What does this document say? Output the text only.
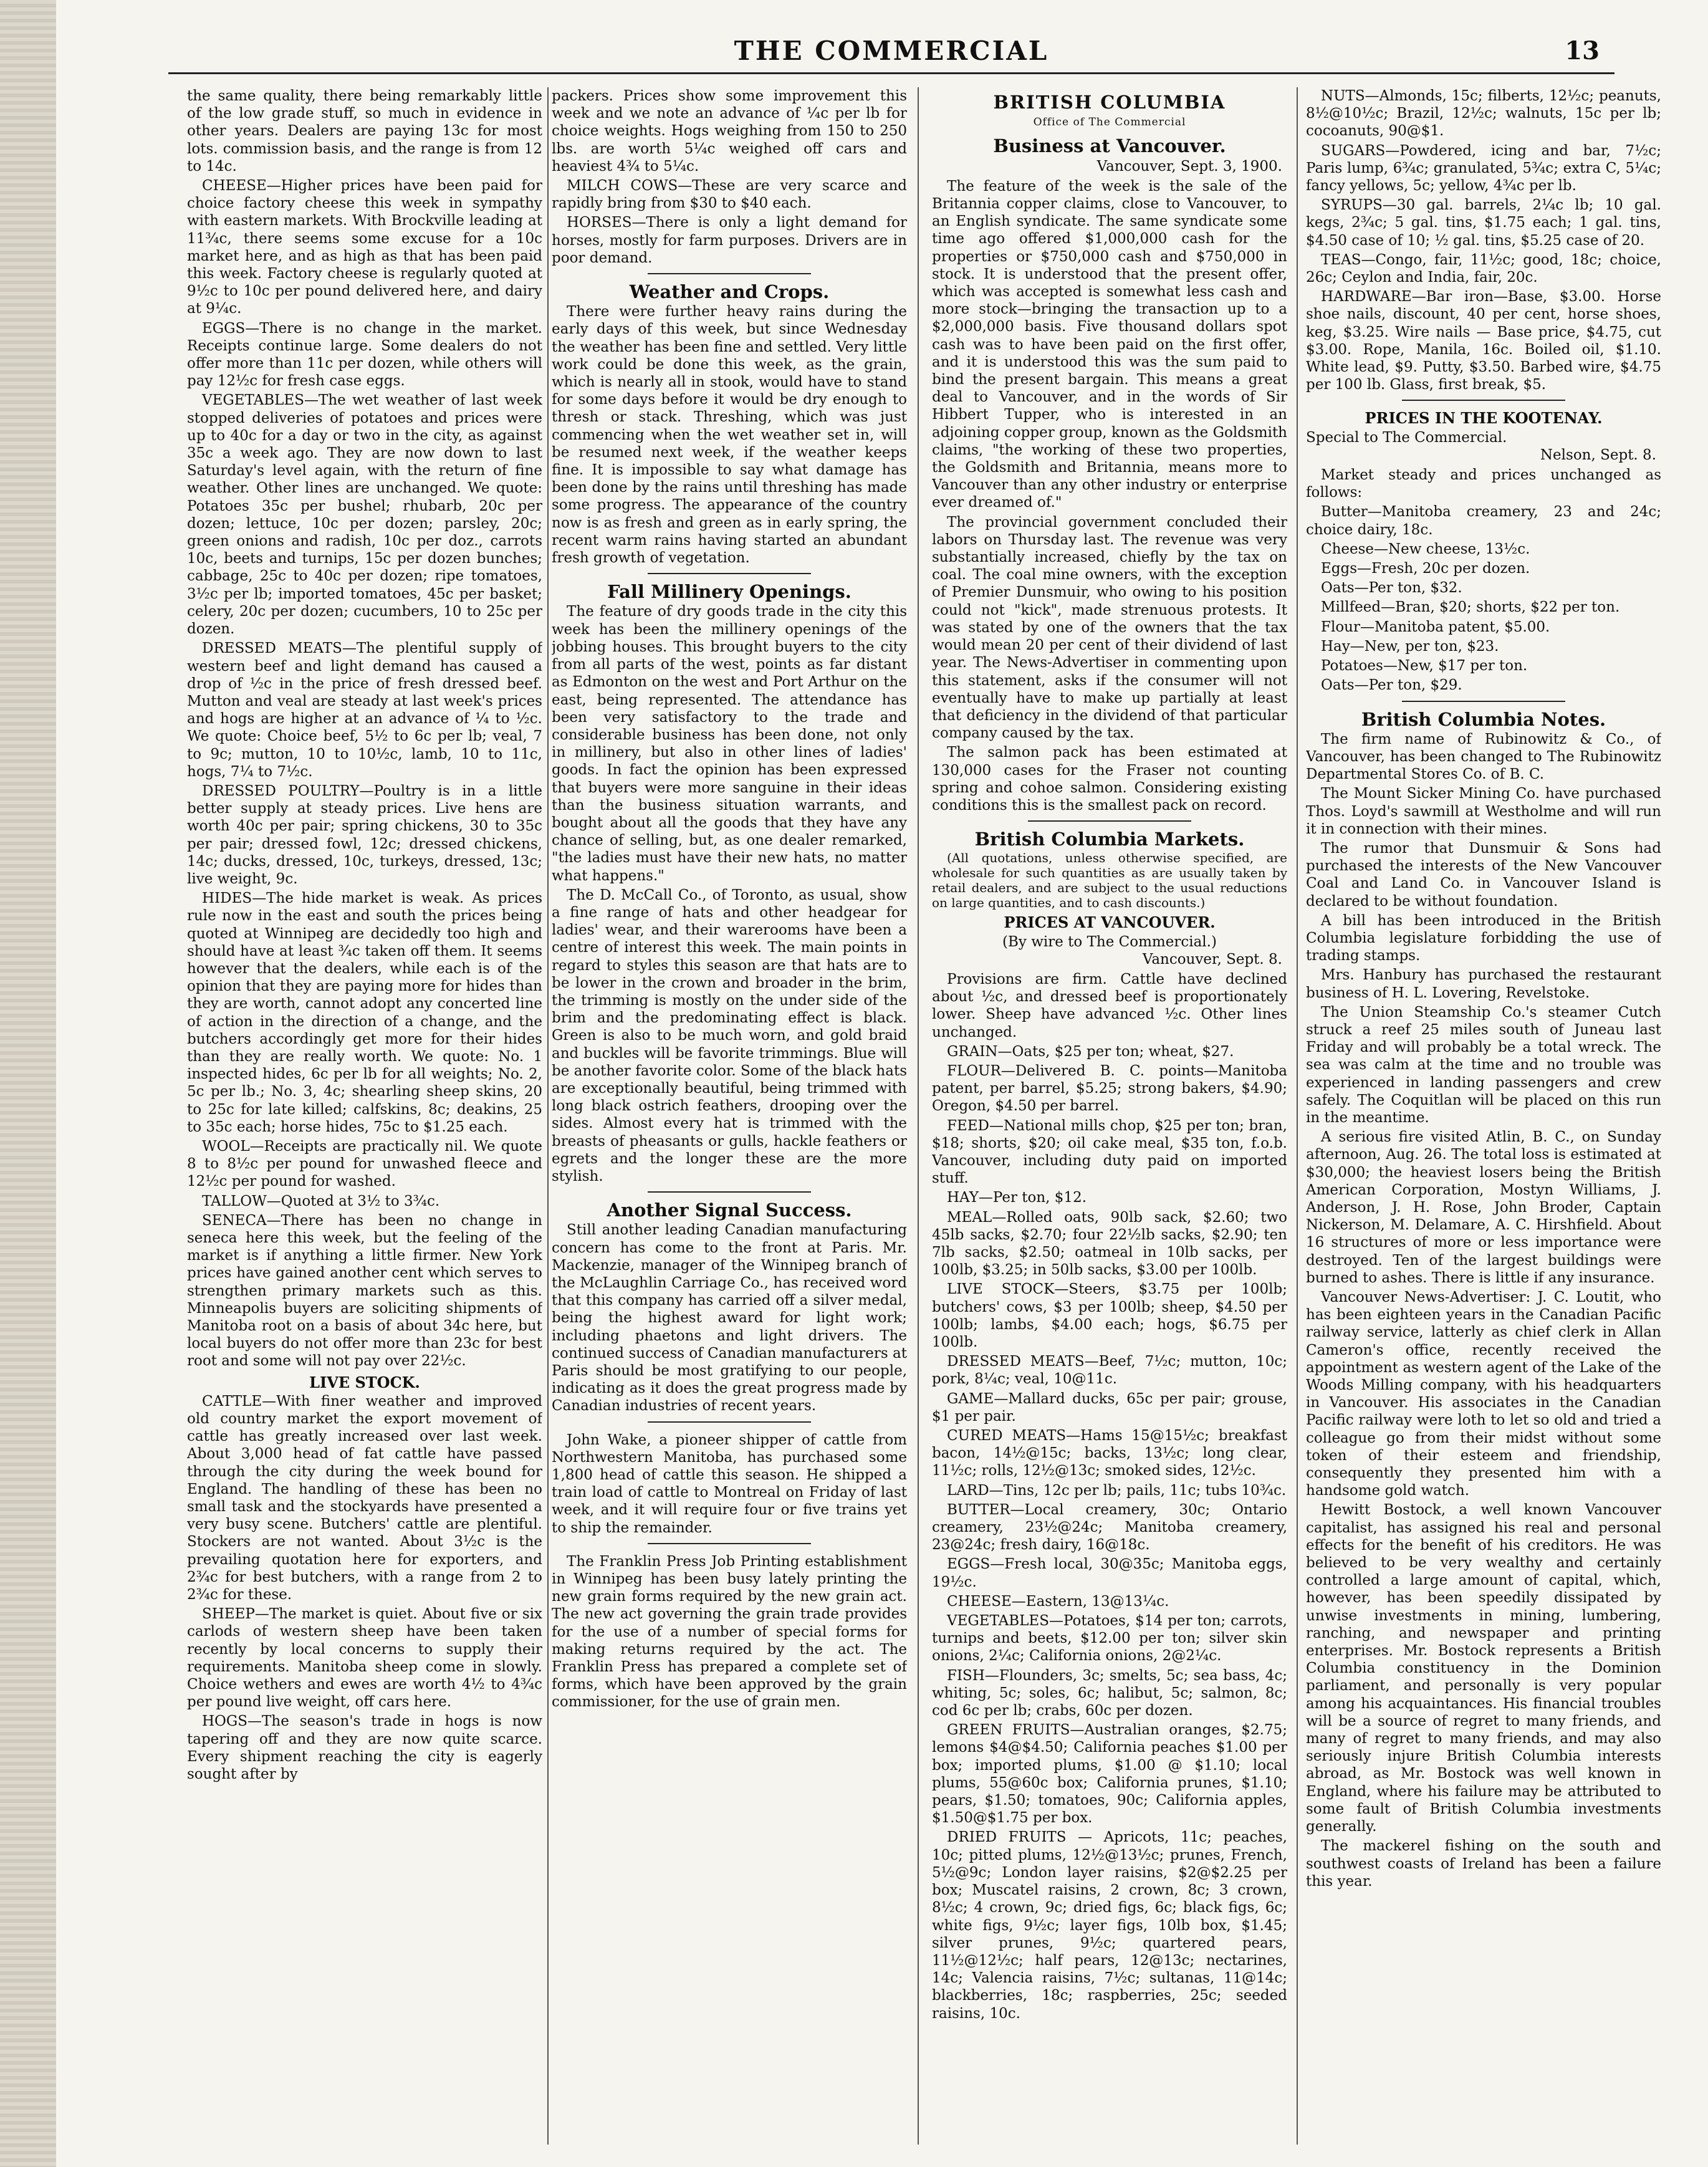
THE COMMERCIAL	13

the same quality, there being remarkably little of the low grade stuff, so much in evidence in other years. Dealers are paying 13c for most lots. commission basis, and the range is from 12 to 14c.

CHEESE—Higher prices have been paid for choice factory cheese this week in sympathy with eastern markets. With Brockville leading at 11¾c, there seems some excuse for a 10c market here, and as high as that has been paid this week. Factory cheese is regularly quoted at 9½c to 10c per pound delivered here, and dairy at 9¼c.

EGGS—There is no change in the market. Receipts continue large. Some dealers do not offer more than 11c per dozen, while others will pay 12½c for fresh case eggs.

VEGETABLES—The wet weather of last week stopped deliveries of potatoes and prices were up to 40c for a day or two in the city, as against 35c a week ago. They are now down to last Saturday's level again, with the return of fine weather. Other lines are unchanged. We quote: Potatoes 35c per bushel; rhubarb, 20c per dozen; lettuce, 10c per dozen; parsley, 20c; green onions and radish, 10c per doz., carrots 10c, beets and turnips, 15c per dozen bunches; cabbage, 25c to 40c per dozen; ripe tomatoes, 3½c per lb; imported tomatoes, 45c per basket; celery, 20c per dozen; cucumbers, 10 to 25c per dozen.

DRESSED MEATS—The plentiful supply of western beef and light demand has caused a drop of ½c in the price of fresh dressed beef. Mutton and veal are steady at last week's prices and hogs are higher at an advance of ¼ to ½c. We quote: Choice beef, 5½ to 6c per lb; veal, 7 to 9c; mutton, 10 to 10½c, lamb, 10 to 11c, hogs, 7¼ to 7½c.

DRESSED POULTRY—Poultry is in a little better supply at steady prices. Live hens are worth 40c per pair; spring chickens, 30 to 35c per pair; dressed fowl, 12c; dressed chickens, 14c; ducks, dressed, 10c, turkeys, dressed, 13c; live weight, 9c.

HIDES—The hide market is weak. As prices rule now in the east and south the prices being quoted at Winnipeg are decidedly too high and should have at least ¾c taken off them. It seems however that the dealers, while each is of the opinion that they are paying more for hides than they are worth, cannot adopt any concerted line of action in the direction of a change, and the butchers accordingly get more for their hides than they are really worth. We quote: No. 1 inspected hides, 6c per lb for all weights; No. 2, 5c per lb.; No. 3, 4c; shearling sheep skins, 20 to 25c for late killed; calfskins, 8c; deakins, 25 to 35c each; horse hides, 75c to $1.25 each.

WOOL—Receipts are practically nil. We quote 8 to 8½c per pound for unwashed fleece and 12½c per pound for washed.

TALLOW—Quoted at 3½ to 3¾c.

SENECA—There has been no change in seneca here this week, but the feeling of the market is if anything a little firmer. New York prices have gained another cent which serves to strengthen primary markets such as this. Minneapolis buyers are soliciting shipments of Manitoba root on a basis of about 34c here, but local buyers do not offer more than 23c for best root and some will not pay over 22½c.

LIVE STOCK.

CATTLE—With finer weather and improved old country market the export movement of cattle has greatly increased over last week. About 3,000 head of fat cattle have passed through the city during the week bound for England. The handling of these has been no small task and the stockyards have presented a very busy scene. Butchers' cattle are plentiful. Stockers are not wanted. About 3½c is the prevailing quotation here for exporters, and 2¾c for best butchers, with a range from 2 to 2¾c for these.

SHEEP—The market is quiet. About five or six carlods of western sheep have been taken recently by local concerns to supply their requirements. Manitoba sheep come in slowly. Choice wethers and ewes are worth 4½ to 4¾c per pound live weight, off cars here.

HOGS—The season's trade in hogs is now tapering off and they are now quite scarce. Every shipment reaching the city is eagerly sought after by

packers. Prices show some improvement this week and we note an advance of ¼c per lb for choice weights. Hogs weighing from 150 to 250 lbs. are worth 5¼c weighed off cars and heaviest 4¾ to 5¼c.

MILCH COWS—These are very scarce and rapidly bring from $30 to $40 each.

HORSES—There is only a light demand for horses, mostly for farm purposes. Drivers are in poor demand.

Weather and Crops.

There were further heavy rains during the early days of this week, but since Wednesday the weather has been fine and settled. Very little work could be done this week, as the grain, which is nearly all in stook, would have to stand for some days before it would be dry enough to thresh or stack. Threshing, which was just commencing when the wet weather set in, will be resumed next week, if the weather keeps fine. It is impossible to say what damage has been done by the rains until threshing has made some progress. The appearance of the country now is as fresh and green as in early spring, the recent warm rains having started an abundant fresh growth of vegetation.

Fall Millinery Openings.

The feature of dry goods trade in the city this week has been the millinery openings of the jobbing houses. This brought buyers to the city from all parts of the west, points as far distant as Edmonton on the west and Port Arthur on the east, being represented. The attendance has been very satisfactory to the trade and considerable business has been done, not only in millinery, but also in other lines of ladies' goods. In fact the opinion has been expressed that buyers were more sanguine in their ideas than the business situation warrants, and bought about all the goods that they have any chance of selling, but, as one dealer remarked, "the ladies must have their new hats, no matter what happens."

The D. McCall Co., of Toronto, as usual, show a fine range of hats and other headgear for ladies' wear, and their warerooms have been a centre of interest this week. The main points in regard to styles this season are that hats are to be lower in the crown and broader in the brim, the trimming is mostly on the under side of the brim and the predominating effect is black. Green is also to be much worn, and gold braid and buckles will be favorite trimmings. Blue will be another favorite color. Some of the black hats are exceptionally beautiful, being trimmed with long black ostrich feathers, drooping over the sides. Almost every hat is trimmed with the breasts of pheasants or gulls, hackle feathers or egrets and the longer these are the more stylish.

Another Signal Success.

Still another leading Canadian manufacturing concern has come to the front at Paris. Mr. Mackenzie, manager of the Winnipeg branch of the McLaughlin Carriage Co., has received word that this company has carried off a silver medal, being the highest award for light work; including phaetons and light drivers. The continued success of Canadian manufacturers at Paris should be most gratifying to our people, indicating as it does the great progress made by Canadian industries of recent years.

John Wake, a pioneer shipper of cattle from Northwestern Manitoba, has purchased some 1,800 head of cattle this season. He shipped a train load of cattle to Montreal on Friday of last week, and it will require four or five trains yet to ship the remainder.

The Franklin Press Job Printing establishment in Winnipeg has been busy lately printing the new grain forms required by the new grain act. The new act governing the grain trade provides for the use of a number of special forms for making returns required by the act. The Franklin Press has prepared a complete set of forms, which have been approved by the grain commissioner, for the use of grain men.

BRITISH COLUMBIA
Office of The Commercial
Business at Vancouver.
Vancouver, Sept. 3, 1900.

The feature of the week is the sale of the Britannia copper claims, close to Vancouver, to an English syndicate. The same syndicate some time ago offered $1,000,000 cash for the properties or $750,000 cash and $750,000 in stock. It is understood that the present offer, which was accepted is somewhat less cash and more stock—bringing the transaction up to a $2,000,000 basis. Five thousand dollars spot cash was to have been paid on the first offer, and it is understood this was the sum paid to bind the present bargain. This means a great deal to Vancouver, and in the words of Sir Hibbert Tupper, who is interested in an adjoining copper group, known as the Goldsmith claims, "the working of these two properties, the Goldsmith and Britannia, means more to Vancouver than any other industry or enterprise ever dreamed of."

The provincial government concluded their labors on Thursday last. The revenue was very substantially increased, chiefly by the tax on coal. The coal mine owners, with the exception of Premier Dunsmuir, who owing to his position could not "kick", made strenuous protests. It was stated by one of the owners that the tax would mean 20 per cent of their dividend of last year. The News-Advertiser in commenting upon this statement, asks if the consumer will not eventually have to make up partially at least that deficiency in the dividend of that particular company caused by the tax.

The salmon pack has been estimated at 130,000 cases for the Fraser not counting spring and cohoe salmon. Considering existing conditions this is the smallest pack on record.

British Columbia Markets.

(All quotations, unless otherwise specified, are wholesale for such quantities as are usually taken by retail dealers, and are subject to the usual reductions on large quantities, and to cash discounts.)

PRICES AT VANCOUVER.
(By wire to The Commercial.)
Vancouver, Sept. 8.

Provisions are firm. Cattle have declined about ½c, and dressed beef is proportionately lower. Sheep have advanced ½c. Other lines unchanged.

GRAIN—Oats, $25 per ton; wheat, $27.

FLOUR—Delivered B. C. points—Manitoba patent, per barrel, $5.25; strong bakers, $4.90; Oregon, $4.50 per barrel.

FEED—National mills chop, $25 per ton; bran, $18; shorts, $20; oil cake meal, $35 ton, f.o.b. Vancouver, including duty paid on imported stuff.

HAY—Per ton, $12.

MEAL—Rolled oats, 90lb sack, $2.60; two 45lb sacks, $2.70; four 22½lb sacks, $2.90; ten 7lb sacks, $2.50; oatmeal in 10lb sacks, per 100lb, $3.25; in 50lb sacks, $3.00 per 100lb.

LIVE STOCK—Steers, $3.75 per 100lb; butchers' cows, $3 per 100lb; sheep, $4.50 per 100lb; lambs, $4.00 each; hogs, $6.75 per 100lb.

DRESSED MEATS—Beef, 7½c; mutton, 10c; pork, 8¼c; veal, 10@11c.

GAME—Mallard ducks, 65c per pair; grouse, $1 per pair.

CURED MEATS—Hams 15@15½c; breakfast bacon, 14½@15c; backs, 13½c; long clear, 11½c; rolls, 12½@13c; smoked sides, 12½c.

LARD—Tins, 12c per lb; pails, 11c; tubs 10¾c.

BUTTER—Local creamery, 30c; Ontario creamery, 23½@24c; Manitoba creamery, 23@24c; fresh dairy, 16@18c.

EGGS—Fresh local, 30@35c; Manitoba eggs, 19½c.

CHEESE—Eastern, 13@13¼c.

VEGETABLES—Potatoes, $14 per ton; carrots, turnips and beets, $12.00 per ton; silver skin onions, 2¼c; California onions, 2@2¼c.

FISH—Flounders, 3c; smelts, 5c; sea bass, 4c; whiting, 5c; soles, 6c; halibut, 5c; salmon, 8c; cod 6c per lb; crabs, 60c per dozen.

GREEN FRUITS—Australian oranges, $2.75; lemons $4@$4.50; California peaches $1.00 per box; imported plums, $1.00 @ $1.10; local plums, 55@60c box; California prunes, $1.10; pears, $1.50; tomatoes, 90c; California apples, $1.50@$1.75 per box.

DRIED FRUITS — Apricots, 11c; peaches, 10c; pitted plums, 12½@13½c; prunes, French, 5½@9c; London layer raisins, $2@$2.25 per box; Muscatel raisins, 2 crown, 8c; 3 crown, 8½c; 4 crown, 9c; dried figs, 6c; black figs, 6c; white figs, 9½c; layer figs, 10lb box, $1.45; silver prunes, 9½c; quartered pears, 11½@12½c; half pears, 12@13c; nectarines, 14c; Valencia raisins, 7½c; sultanas, 11@14c; blackberries, 18c; raspberries, 25c; seeded raisins, 10c.

NUTS—Almonds, 15c; filberts, 12½c; peanuts, 8½@10½c; Brazil, 12½c; walnuts, 15c per lb; cocoanuts, 90@$1.

SUGARS—Powdered, icing and bar, 7½c; Paris lump, 6¾c; granulated, 5¾c; extra C, 5¼c; fancy yellows, 5c; yellow, 4¾c per lb.

SYRUPS—30 gal. barrels, 2¼c lb; 10 gal. kegs, 2¾c; 5 gal. tins, $1.75 each; 1 gal. tins, $4.50 case of 10; ½ gal. tins, $5.25 case of 20.

TEAS—Congo, fair, 11½c; good, 18c; choice, 26c; Ceylon and India, fair, 20c.

HARDWARE—Bar iron—Base, $3.00. Horse shoe nails, discount, 40 per cent, horse shoes, keg, $3.25. Wire nails — Base price, $4.75, cut $3.00. Rope, Manila, 16c. Boiled oil, $1.10. White lead, $9. Putty, $3.50. Barbed wire, $4.75 per 100 lb. Glass, first break, $5.

PRICES IN THE KOOTENAY.
Special to The Commercial.
Nelson, Sept. 8.

Market steady and prices unchanged as follows:

Butter—Manitoba creamery, 23 and 24c; choice dairy, 18c.

Cheese—New cheese, 13½c.

Eggs—Fresh, 20c per dozen.

Oats—Per ton, $32.

Millfeed—Bran, $20; shorts, $22 per ton.

Flour—Manitoba patent, $5.00.

Hay—New, per ton, $23.

Potatoes—New, $17 per ton.

Oats—Per ton, $29.

British Columbia Notes.

The firm name of Rubinowitz & Co., of Vancouver, has been changed to The Rubinowitz Departmental Stores Co. of B. C.

The Mount Sicker Mining Co. have purchased Thos. Loyd's sawmill at Westholme and will run it in connection with their mines.

The rumor that Dunsmuir & Sons had purchased the interests of the New Vancouver Coal and Land Co. in Vancouver Island is declared to be without foundation.

A bill has been introduced in the British Columbia legislature forbidding the use of trading stamps.

Mrs. Hanbury has purchased the restaurant business of H. L. Lovering, Revelstoke.

The Union Steamship Co.'s steamer Cutch struck a reef 25 miles south of Juneau last Friday and will probably be a total wreck. The sea was calm at the time and no trouble was experienced in landing passengers and crew safely. The Coquitlan will be placed on this run in the meantime.

A serious fire visited Atlin, B. C., on Sunday afternoon, Aug. 26. The total loss is estimated at $30,000; the heaviest losers being the British American Corporation, Mostyn Williams, J. Anderson, J. H. Rose, John Broder, Captain Nickerson, M. Delamare, A. C. Hirshfield. About 16 structures of more or less importance were destroyed. Ten of the largest buildings were burned to ashes. There is little if any insurance.

Vancouver News-Advertiser: J. C. Loutit, who has been eighteen years in the Canadian Pacific railway service, latterly as chief clerk in Allan Cameron's office, recently received the appointment as western agent of the Lake of the Woods Milling company, with his headquarters in Vancouver. His associates in the Canadian Pacific railway were loth to let so old and tried a colleague go from their midst without some token of their esteem and friendship, consequently they presented him with a handsome gold watch.

Hewitt Bostock, a well known Vancouver capitalist, has assigned his real and personal effects for the benefit of his creditors. He was believed to be very wealthy and certainly controlled a large amount of capital, which, however, has been speedily dissipated by unwise investments in mining, lumbering, ranching, and newspaper and printing enterprises. Mr. Bostock represents a British Columbia constituency in the Dominion parliament, and personally is very popular among his acquaintances. His financial troubles will be a source of regret to many friends, and many of regret to many friends, and may also seriously injure British Columbia interests abroad, as Mr. Bostock was well known in England, where his failure may be attributed to some fault of British Columbia investments generally.

The mackerel fishing on the south and southwest coasts of Ireland has been a failure this year.
